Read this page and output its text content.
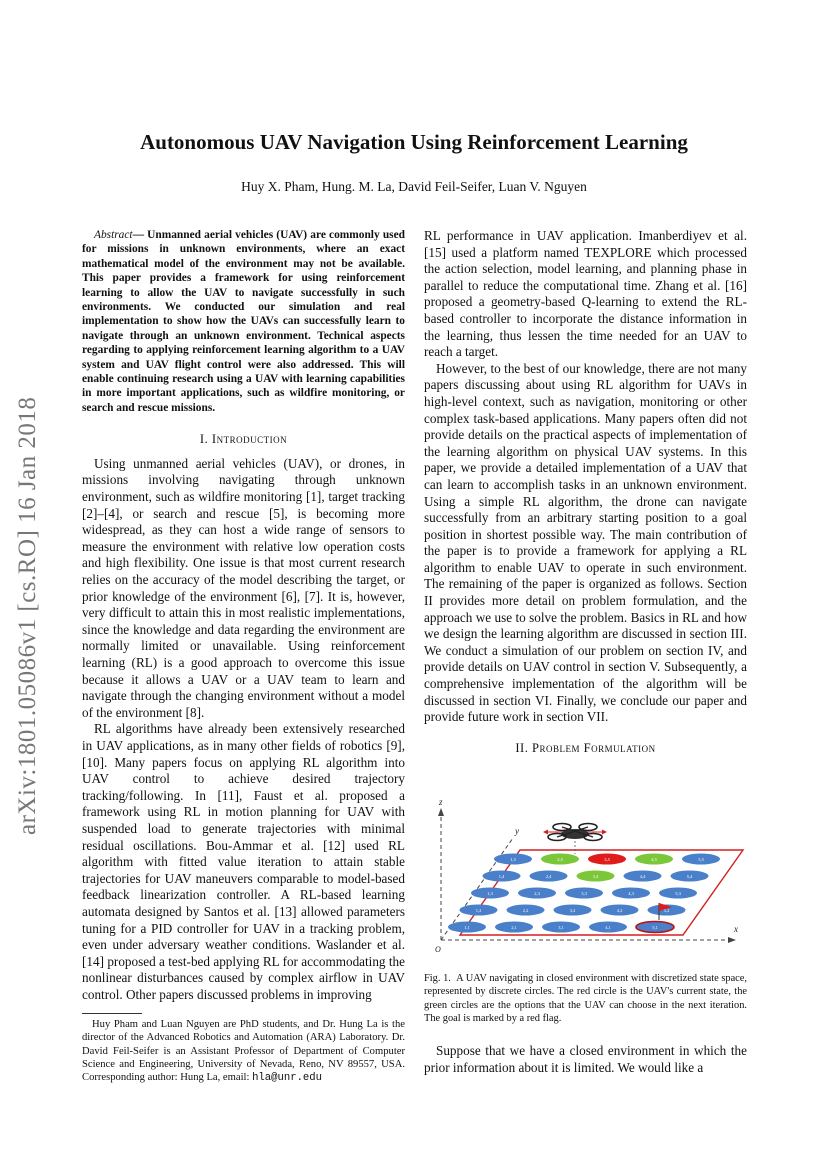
Autonomous UAV Navigation Using Reinforcement Learning
Huy X. Pham, Hung. M. La, David Feil-Seifer, Luan V. Nguyen
arXiv:1801.05086v1 [cs.RO] 16 Jan 2018

Abstract— Unmanned aerial vehicles (UAV) are commonly used for missions in unknown environments, where an exact mathematical model of the environment may not be available. This paper provides a framework for using reinforcement learning to allow the UAV to navigate successfully in such environments. We conducted our simulation and real implementation to show how the UAVs can successfully learn to navigate through an unknown environment. Technical aspects regarding to applying reinforcement learning algorithm to a UAV system and UAV flight control were also addressed. This will enable continuing research using a UAV with learning capabilities in more important applications, such as wildfire monitoring, or search and rescue missions.

I. Introduction

Using unmanned aerial vehicles (UAV), or drones, in missions involving navigating through unknown environment, such as wildfire monitoring [1], target tracking [2]–[4], or search and rescue [5], is becoming more widespread, as they can host a wide range of sensors to measure the environment with relative low operation costs and high flexibility. One issue is that most current research relies on the accuracy of the model describing the target, or prior knowledge of the environment [6], [7]. It is, however, very difficult to attain this in most realistic implementations, since the knowledge and data regarding the environment are normally limited or unavailable. Using reinforcement learning (RL) is a good approach to overcome this issue because it allows a UAV or a UAV team to learn and navigate through the changing environment without a model of the environment [8].

RL algorithms have already been extensively researched in UAV applications, as in many other fields of robotics [9], [10]. Many papers focus on applying RL algorithm into UAV control to achieve desired trajectory tracking/following. In [11], Faust et al. proposed a framework using RL in motion planning for UAV with suspended load to generate trajectories with minimal residual oscillations. Bou-Ammar et al. [12] used RL algorithm with fitted value iteration to attain stable trajectories for UAV maneuvers comparable to model-based feedback linearization controller. A RL-based learning automata designed by Santos et al. [13] allowed parameters tuning for a PID controller for UAV in a tracking problem, even under adversary weather conditions. Waslander et al. [14] proposed a test-bed applying RL for accommodating the nonlinear disturbances caused by complex airflow in UAV control. Other papers discussed problems in improving

Huy Pham and Luan Nguyen are PhD students, and Dr. Hung La is the director of the Advanced Robotics and Automation (ARA) Laboratory. Dr. David Feil-Seifer is an Assistant Professor of Department of Computer Science and Engineering, University of Nevada, Reno, NV 89557, USA. Corresponding author: Hung La, email: hla@unr.edu

RL performance in UAV application. Imanberdiyev et al. [15] used a platform named TEXPLORE which processed the action selection, model learning, and planning phase in parallel to reduce the computational time. Zhang et al. [16] proposed a geometry-based Q-learning to extend the RL-based controller to incorporate the distance information in the learning, thus lessen the time needed for an UAV to reach a target.

However, to the best of our knowledge, there are not many papers discussing about using RL algorithm for UAVs in high-level context, such as navigation, monitoring or other complex task-based applications. Many papers often did not provide details on the practical aspects of implementation of the learning algorithm on physical UAV systems. In this paper, we provide a detailed implementation of a UAV that can learn to accomplish tasks in an unknown environment. Using a simple RL algorithm, the drone can navigate successfully from an arbitrary starting position to a goal position in shortest possible way. The main contribution of the paper is to provide a framework for applying a RL algorithm to enable UAV to operate in such environment. The remaining of the paper is organized as follows. Section II provides more detail on problem formulation, and the approach we use to solve the problem. Basics in RL and how we design the learning algorithm are discussed in section III. We conduct a simulation of our problem on section IV, and provide details on UAV control in section V. Subsequently, a comprehensive implementation of the algorithm will be discussed in section VI. Finally, we conclude our paper and provide future work in section VII.

II. Problem Formulation
z
y
x
O
1,5	2,5	3,5	4,5	5,5
1,4	2,4	3,4	4,4	5,4
1,3	2,3	3,3	4,3	5,3
1,2	2,2	3,2	4,2	5,2
1,1	2,1	3,1	4,1	5,1
Fig. 1. A UAV navigating in closed environment with discretized state space, represented by discrete circles. The red circle is the UAV's current state, the green circles are the options that the UAV can choose in the next iteration. The goal is marked by a red flag.

Suppose that we have a closed environment in which the prior information about it is limited. We would like a
